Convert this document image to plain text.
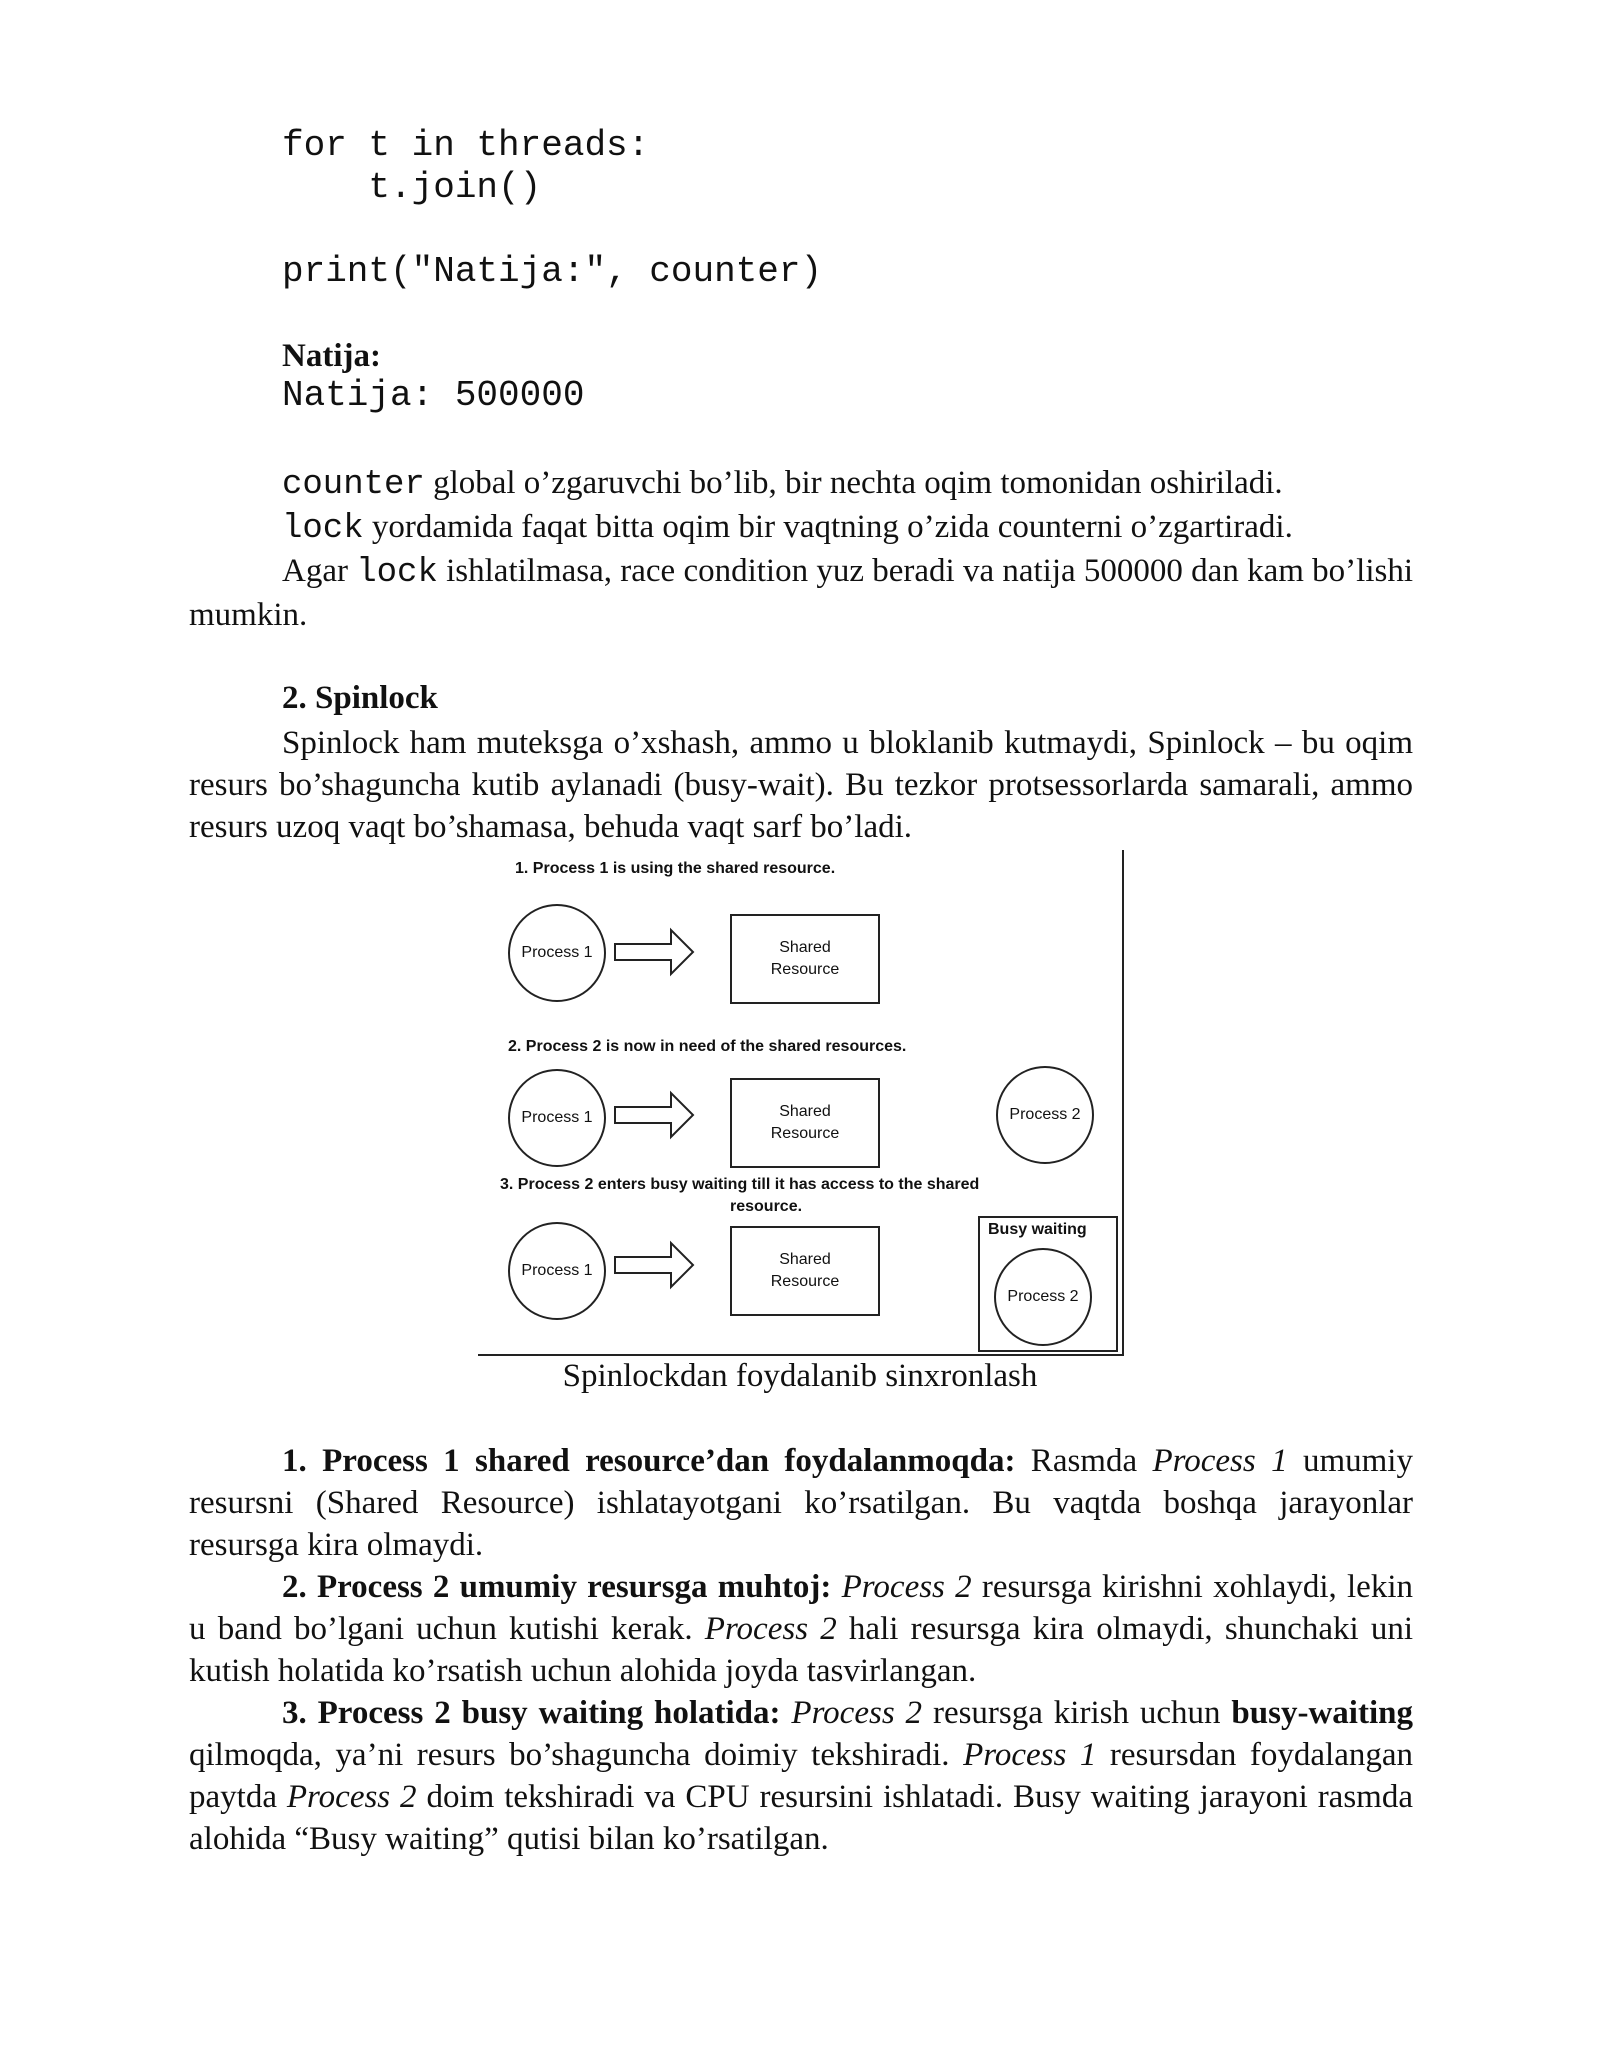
for t in threads:
t.join()
print("Natija:", counter)
Natija:
Natija: 500000
counter global o’zgaruvchi bo’lib, bir nechta oqim tomonidan oshiriladi.
lock yordamida faqat bitta oqim bir vaqtning o’zida counterni o’zgartiradi.
Agar lock ishlatilmasa, race condition yuz beradi va natija 500000 dan kam bo’lishi mumkin.
2. Spinlock
Spinlock ham muteksga o’xshash, ammo u bloklanib kutmaydi, Spinlock – bu oqim resurs bo’shaguncha kutib aylanadi (busy-wait). Bu tezkor protsessorlarda samarali, ammo resurs uzoq vaqt bo’shamasa, behuda vaqt sarf bo’ladi.
1. Process 1 is using the shared resource.
Process 1	Shared
Resource
2. Process 2 is now in need of the shared resources.
Process 1	Shared
Resource
Process 2
3. Process 2 enters busy waiting till it has access to the shared
resource.
Process 1
Shared
Resource
Busy waiting
Process 2
Spinlockdan foydalanib sinxronlash
1. Process 1 shared resource’dan foydalanmoqda: Rasmda Process 1 umumiy resursni (Shared Resource) ishlatayotgani ko’rsatilgan. Bu vaqtda boshqa jarayonlar resursga kira olmaydi.
2. Process 2 umumiy resursga muhtoj: Process 2 resursga kirishni xohlaydi, lekin u band bo’lgani uchun kutishi kerak. Process 2 hali resursga kira olmaydi, shunchaki uni kutish holatida ko’rsatish uchun alohida joyda tasvirlangan.
3. Process 2 busy waiting holatida: Process 2 resursga kirish uchun busy-waiting qilmoqda, ya’ni resurs bo’shaguncha doimiy tekshiradi. Process 1 resursdan foydalangan paytda Process 2 doim tekshiradi va CPU resursini ishlatadi. Busy waiting jarayoni rasmda alohida “Busy waiting” qutisi bilan ko’rsatilgan.
